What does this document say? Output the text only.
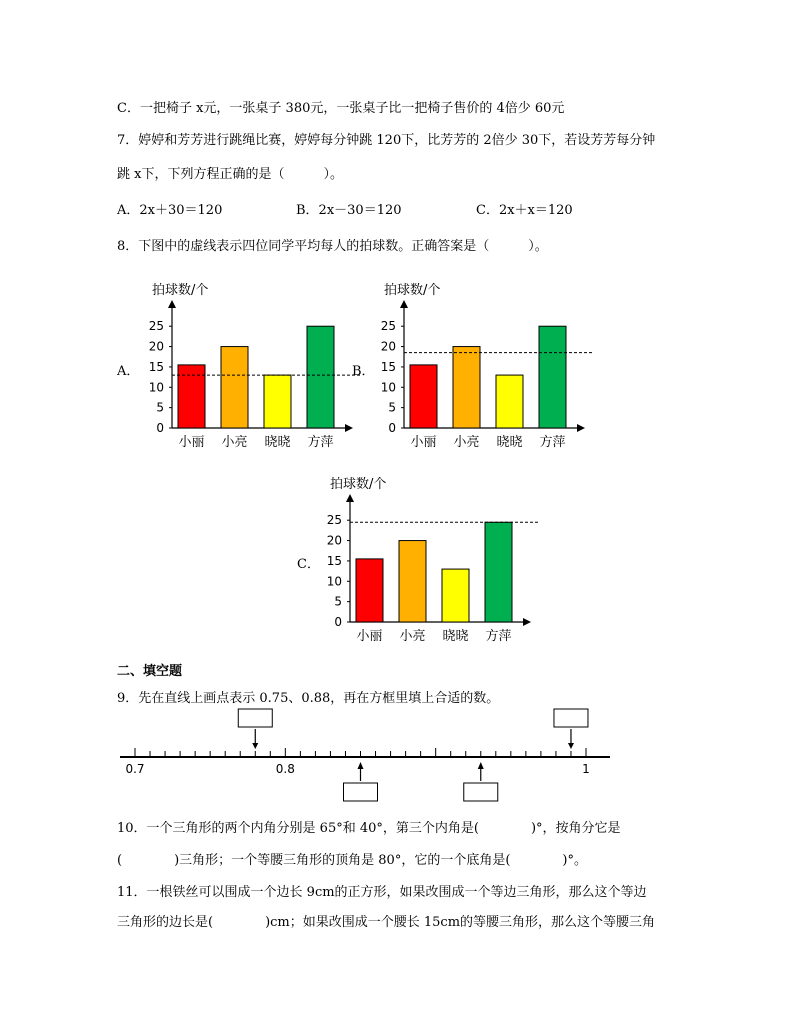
C．一把椅子 x元，一张桌子 380元，一张桌子比一把椅子售价的 4倍少 60元
7．婷婷和芳芳进行跳绳比赛，婷婷每分钟跳 120下，比芳芳的 2倍少 30下，若设芳芳每分钟
跳 x下，下列方程正确的是（　　　）。
A．2x＋30＝120	B．2x－30＝120	C．2x＋x＝120
8．下图中的虚线表示四位同学平均每人的拍球数。正确答案是（　　　）。
A．
拍球数/个
0
5
10
15
20
25
小丽 小亮 晓晓 方萍
B．
拍球数/个
0
5
10
15
20
25
小丽 小亮 晓晓 方萍
C．
拍球数/个
0
5
10
15
20
25
小丽 小亮 晓晓 方萍
二、填空题
9．先在直线上画点表示 0.75、0.88，再在方框里填上合适的数。
0.7	0.8	1
10．一个三角形的两个内角分别是 65°和 40°，第三个内角是(　　　　)°，按角分它是
(　　　　)三角形；一个等腰三角形的顶角是 80°，它的一个底角是(　　　　)°。
11．一根铁丝可以围成一个边长 9cm的正方形，如果改围成一个等边三角形，那么这个等边
三角形的边长是(　　　　)cm；如果改围成一个腰长 15cm的等腰三角形，那么这个等腰三角
